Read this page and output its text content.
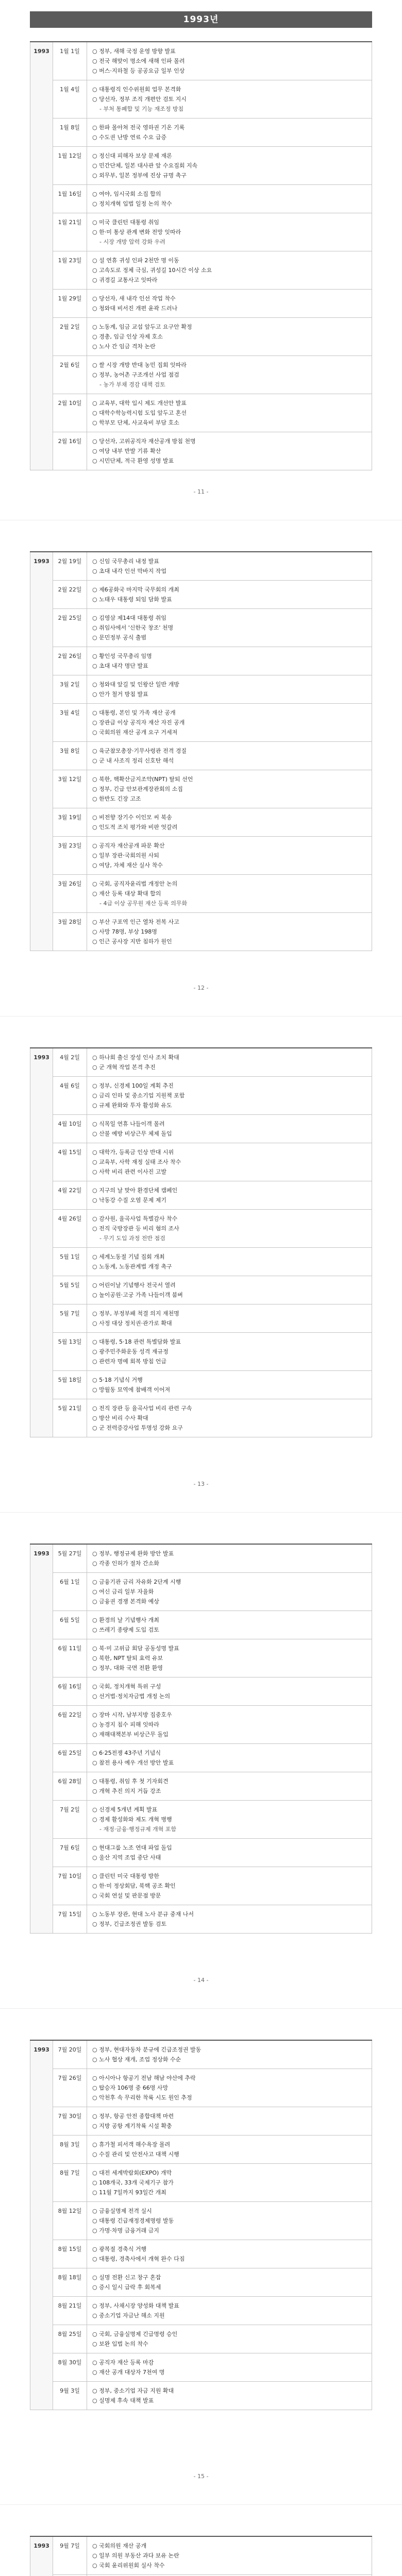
1993년
1993	1월 1일	○ 정부, 새해 국정 운영 방향 발표
○ 전국 해맞이 명소에 새해 인파 몰려
○ 버스·지하철 등 공공요금 일부 인상

	1월 4일	○ 대통령직 인수위원회 업무 본격화
○ 당선자, 정부 조직 개편안 검토 지시
- 부처 통폐합 및 기능 재조정 방침

	1월 8일	○ 한파 몰아쳐 전국 영하권 기온 기록
○ 수도권 난방 연료 수요 급증

	1월 12일	○ 정신대 피해자 보상 문제 재론
○ 민간단체, 일본 대사관 앞 수요집회 지속
○ 외무부, 일본 정부에 진상 규명 촉구

	1월 16일	○ 여야, 임시국회 소집 합의
○ 정치개혁 입법 일정 논의 착수

	1월 21일	○ 미국 클린턴 대통령 취임
○ 한·미 통상 관계 변화 전망 잇따라
- 시장 개방 압력 강화 우려

	1월 23일	○ 설 연휴 귀성 인파 2천만 명 이동
○ 고속도로 정체 극심, 귀성길 10시간 이상 소요
○ 귀경길 교통사고 잇따라

	1월 29일	○ 당선자, 새 내각 인선 작업 착수
○ 청와대 비서진 개편 윤곽 드러나

	2월 2일	○ 노동계, 임금 교섭 앞두고 요구안 확정
○ 경총, 임금 인상 자제 호소
○ 노사 간 임금 격차 논란

	2월 6일	○ 쌀 시장 개방 반대 농민 집회 잇따라
○ 정부, 농어촌 구조개선 사업 점검
- 농가 부채 경감 대책 검토

	2월 10일	○ 교육부, 대학 입시 제도 개선안 발표
○ 대학수학능력시험 도입 앞두고 혼선
○ 학부모 단체, 사교육비 부담 호소

	2월 16일	○ 당선자, 고위공직자 재산공개 방침 천명
○ 여당 내부 반발 기류 확산
○ 시민단체, 적극 환영 성명 발표
- 11 -
1993	2월 19일	○ 신임 국무총리 내정 발표
○ 초대 내각 인선 막바지 작업

	2월 22일	○ 제6공화국 마지막 국무회의 개최
○ 노태우 대통령 퇴임 담화 발표

	2월 25일	○ 김영삼 제14대 대통령 취임
○ 취임사에서 '신한국 창조' 천명
○ 문민정부 공식 출범

	2월 26일	○ 황인성 국무총리 임명
○ 초대 내각 명단 발표

	3월 2일	○ 청와대 앞길 및 인왕산 일반 개방
○ 안가 철거 방침 발표

	3월 4일	○ 대통령, 본인 및 가족 재산 공개
○ 장관급 이상 공직자 재산 자진 공개
○ 국회의원 재산 공개 요구 거세져

	3월 8일	○ 육군참모총장·기무사령관 전격 경질
○ 군 내 사조직 정리 신호탄 해석

	3월 12일	○ 북한, 핵확산금지조약(NPT) 탈퇴 선언
○ 정부, 긴급 안보관계장관회의 소집
○ 한반도 긴장 고조

	3월 19일	○ 비전향 장기수 이인모 씨 북송
○ 인도적 조치 평가와 비판 엇갈려

	3월 23일	○ 공직자 재산공개 파문 확산
○ 일부 장관·국회의원 사퇴
○ 여당, 자체 재산 실사 착수

	3월 26일	○ 국회, 공직자윤리법 개정안 논의
○ 재산 등록 대상 확대 합의
- 4급 이상 공무원 재산 등록 의무화

	3월 28일	○ 부산 구포역 인근 열차 전복 사고
○ 사망 78명, 부상 198명
○ 인근 공사장 지반 침하가 원인
- 12 -
1993	4월 2일	○ 하나회 출신 장성 인사 조치 확대
○ 군 개혁 작업 본격 추진

	4월 6일	○ 정부, 신경제 100일 계획 추진
○ 금리 인하 및 중소기업 지원책 포함
○ 규제 완화와 투자 활성화 유도

	4월 10일	○ 식목일 연휴 나들이객 몰려
○ 산불 예방 비상근무 체제 돌입

	4월 15일	○ 대학가, 등록금 인상 반대 시위
○ 교육부, 사학 재정 실태 조사 착수
○ 사학 비리 관련 이사진 고발

	4월 22일	○ 지구의 날 맞아 환경단체 캠페인
○ 낙동강 수질 오염 문제 제기

	4월 26일	○ 감사원, 율곡사업 특별감사 착수
○ 전직 국방장관 등 비리 혐의 조사
- 무기 도입 과정 전반 점검

	5월 1일	○ 세계노동절 기념 집회 개최
○ 노동계, 노동관계법 개정 촉구

	5월 5일	○ 어린이날 기념행사 전국서 열려
○ 놀이공원·고궁 가족 나들이객 붐벼

	5월 7일	○ 정부, 부정부패 척결 의지 재천명
○ 사정 대상 정치권·관가로 확대

	5월 13일	○ 대통령, 5·18 관련 특별담화 발표
○ 광주민주화운동 성격 재규정
○ 관련자 명예 회복 방침 언급

	5월 18일	○ 5·18 기념식 거행
○ 망월동 묘역에 참배객 이어져

	5월 21일	○ 전직 장관 등 율곡사업 비리 관련 구속
○ 방산 비리 수사 확대
○ 군 전력증강사업 투명성 강화 요구
- 13 -
1993	5월 27일	○ 정부, 행정규제 완화 방안 발표
○ 각종 인허가 절차 간소화

	6월 1일	○ 금융기관 금리 자유화 2단계 시행
○ 여신 금리 일부 자율화
○ 금융권 경쟁 본격화 예상

	6월 5일	○ 환경의 날 기념행사 개최
○ 쓰레기 종량제 도입 검토

	6월 11일	○ 북·미 고위급 회담 공동성명 발표
○ 북한, NPT 탈퇴 효력 유보
○ 정부, 대화 국면 전환 환영

	6월 16일	○ 국회, 정치개혁 특위 구성
○ 선거법·정치자금법 개정 논의

	6월 22일	○ 장마 시작, 남부지방 집중호우
○ 농경지 침수 피해 잇따라
○ 재해대책본부 비상근무 돌입

	6월 25일	○ 6·25전쟁 43주년 기념식
○ 참전 용사 예우 개선 방안 발표

	6월 28일	○ 대통령, 취임 후 첫 기자회견
○ 개혁 추진 의지 거듭 강조

	7월 2일	○ 신경제 5개년 계획 발표
○ 경제 활성화와 제도 개혁 병행
- 재정·금융·행정규제 개혁 포함

	7월 6일	○ 현대그룹 노조 연대 파업 돌입
○ 울산 지역 조업 중단 사태

	7월 10일	○ 클린턴 미국 대통령 방한
○ 한·미 정상회담, 북핵 공조 확인
○ 국회 연설 및 판문점 방문

	7월 15일	○ 노동부 장관, 현대 노사 분규 중재 나서
○ 정부, 긴급조정권 발동 검토
- 14 -
1993	7월 20일	○ 정부, 현대자동차 분규에 긴급조정권 발동
○ 노사 협상 재개, 조업 정상화 수순

	7월 26일	○ 아시아나 항공기 전남 해남 야산에 추락
○ 탑승자 106명 중 66명 사망
○ 악천후 속 무리한 착륙 시도 원인 추정

	7월 30일	○ 정부, 항공 안전 종합대책 마련
○ 지방 공항 계기착륙 시설 확충

	8월 3일	○ 휴가철 피서객 해수욕장 몰려
○ 수질 관리 및 안전사고 대책 시행

	8월 7일	○ 대전 세계박람회(EXPO) 개막
○ 108개국, 33개 국제기구 참가
○ 11월 7일까지 93일간 개최

	8월 12일	○ 금융실명제 전격 실시
○ 대통령 긴급재정경제명령 발동
○ 가명·차명 금융거래 금지

	8월 15일	○ 광복절 경축식 거행
○ 대통령, 경축사에서 개혁 완수 다짐

	8월 18일	○ 실명 전환 신고 창구 혼잡
○ 증시 일시 급락 후 회복세

	8월 21일	○ 정부, 사채시장 양성화 대책 발표
○ 중소기업 자금난 해소 지원

	8월 25일	○ 국회, 금융실명제 긴급명령 승인
○ 보완 입법 논의 착수

	8월 30일	○ 공직자 재산 등록 마감
○ 재산 공개 대상자 7천여 명

	9월 3일	○ 정부, 중소기업 자금 지원 확대
○ 실명제 후속 대책 발표
- 15 -
1993	9월 7일	○ 국회의원 재산 공개
○ 일부 의원 부동산 과다 보유 논란
○ 국회 윤리위원회 실사 착수
